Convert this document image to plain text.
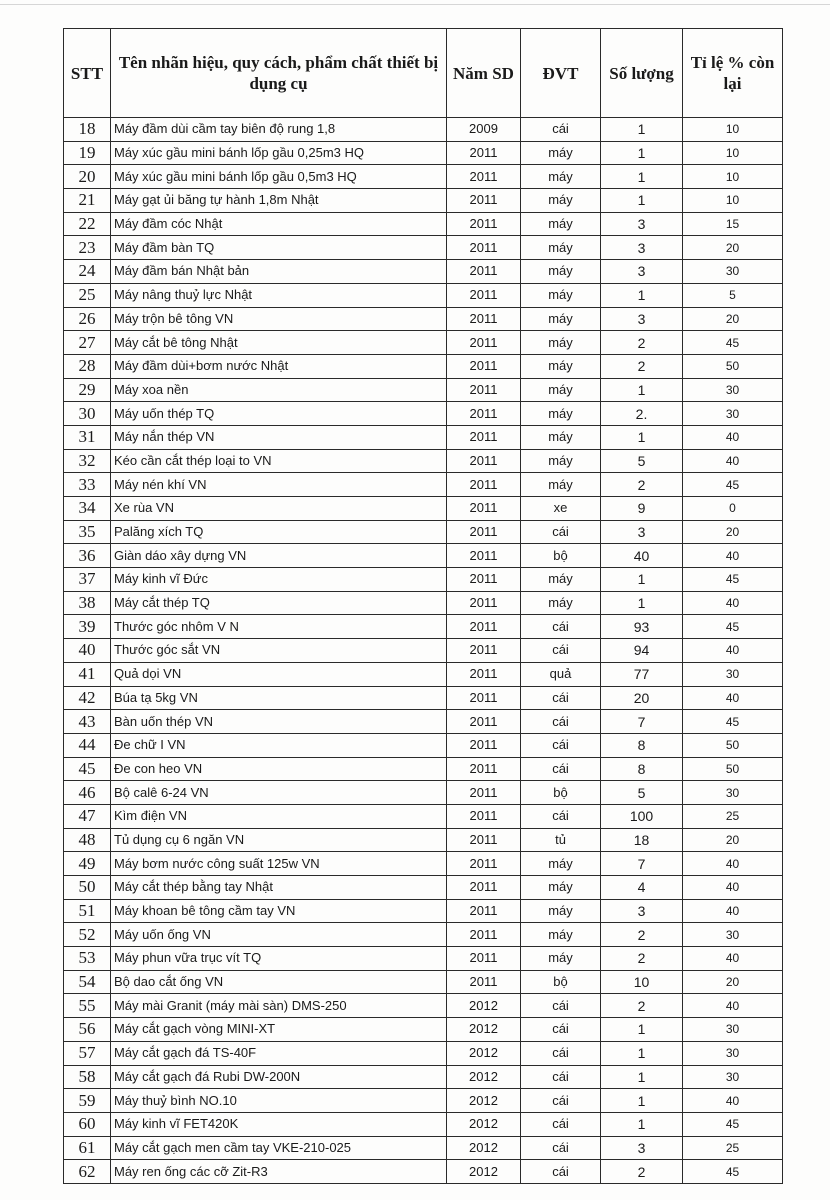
STT	Tên nhãn hiệu, quy cách, phẩm chất thiết bị dụng cụ	Năm SD	ĐVT	Số lượng	Tỉ lệ % còn lại
18	Máy đầm dùi cầm tay biên độ rung 1,8	2009	cái	1	10
19	Máy xúc gầu mini bánh lốp gầu 0,25m3 HQ	2011	máy	1	10
20	Máy xúc gầu mini bánh lốp gầu 0,5m3 HQ	2011	máy	1	10
21	Máy gạt ủi băng tự hành 1,8m Nhật	2011	máy	1	10
22	Máy đầm cóc Nhật	2011	máy	3	15
23	Máy đầm bàn TQ	2011	máy	3	20
24	Máy đầm bán Nhật bản	2011	máy	3	30
25	Máy nâng thuỷ lực Nhật	2011	máy	1	5
26	Máy trộn bê tông VN	2011	máy	3	20
27	Máy cắt bê tông Nhật	2011	máy	2	45
28	Máy đầm dùi+bơm nước Nhật	2011	máy	2	50
29	Máy xoa nền	2011	máy	1	30
30	Máy uốn thép TQ	2011	máy	2.	30
31	Máy nắn thép VN	2011	máy	1	40
32	Kéo cần cắt thép loại to VN	2011	máy	5	40
33	Máy nén khí VN	2011	máy	2	45
34	Xe rùa VN	2011	xe	9	0
35	Palăng xích TQ	2011	cái	3	20
36	Giàn dáo xây dựng VN	2011	bộ	40	40
37	Máy kinh vĩ Đức	2011	máy	1	45
38	Máy cắt thép TQ	2011	máy	1	40
39	Thước góc nhôm V N	2011	cái	93	45
40	Thước góc sắt VN	2011	cái	94	40
41	Quả dọi VN	2011	quả	77	30
42	Búa tạ 5kg VN	2011	cái	20	40
43	Bàn uốn thép VN	2011	cái	7	45
44	Đe chữ I VN	2011	cái	8	50
45	Đe con heo VN	2011	cái	8	50
46	Bộ calê 6-24 VN	2011	bộ	5	30
47	Kìm điện VN	2011	cái	100	25
48	Tủ dụng cụ 6 ngăn VN	2011	tủ	18	20
49	Máy bơm nước công suất 125w VN	2011	máy	7	40
50	Máy cắt thép bằng tay Nhật	2011	máy	4	40
51	Máy khoan bê tông cầm tay VN	2011	máy	3	40
52	Máy uốn ống VN	2011	máy	2	30
53	Máy phun vữa trục vít TQ	2011	máy	2	40
54	Bộ dao cắt ống VN	2011	bộ	10	20
55	Máy mài Granit (máy mài sàn) DMS-250	2012	cái	2	40
56	Máy cắt gạch vòng MINI-XT	2012	cái	1	30
57	Máy cắt gạch đá TS-40F	2012	cái	1	30
58	Máy cắt gạch đá Rubi DW-200N	2012	cái	1	30
59	Máy thuỷ bình NO.10	2012	cái	1	40
60	Máy kinh vĩ FET420K	2012	cái	1	45
61	Máy cắt gạch men cầm tay VKE-210-025	2012	cái	3	25
62	Máy ren ống các cỡ Zit-R3	2012	cái	2	45
